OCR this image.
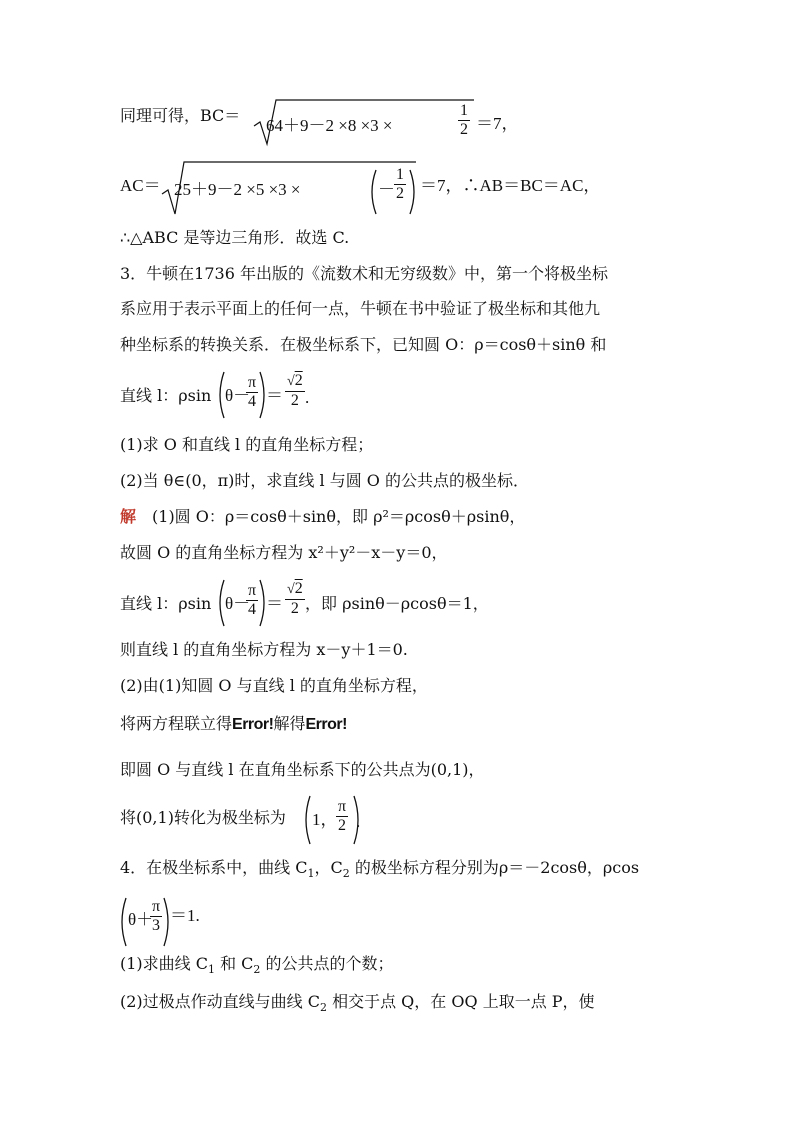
同理可得，BC＝
64＋9－2 ×8 ×3 ×	$\frac{1}{2} =7$，
AC＝ 25＋9－2 ×5 ×3 ×	－ $\frac{1}{2} =7$，∴AB＝BC＝AC，
∴△ABC 是等边三角形．故选 C.
3．牛顿在1736 年出版的《流数术和无穷级数》中，第一个将极坐标
系应用于表示平面上的任何一点，牛顿在书中验证了极坐标和其他九
种坐标系的转换关系．在极坐标系下，已知圆 O：ρ＝cosθ＋sinθ 和
直线 l：ρsin θ－
$\frac{\pi}{4} = \frac{√2}{2}$ .
(1)求 O 和直线 l 的直角坐标方程；
(2)当 θ∈(0，π)时，求直线 l 与圆 O 的公共点的极坐标．
解　(1)圆 O：ρ＝cosθ＋sinθ，即 ρ²＝ρcosθ＋ρsinθ，
故圆 O 的直角坐标方程为 x²＋y²－x－y＝0，
直线 l：ρsin θ－
$\frac{\pi}{4} = \frac{√2}{2}$ ，即 ρsinθ－ρcosθ＝1，
则直线 l 的直角坐标方程为 x－y＋1＝0.
(2)由(1)知圆 O 与直线 l 的直角坐标方程，
将两方程联立得Error!解得Error!
即圆 O 与直线 l 在直角坐标系下的公共点为(0,1)，
将(0,1)转化为极坐标为 1，
$\frac{\pi}{2}$ .
4．在极坐标系中，曲线 $C_1$，$C_2$ 的极坐标方程分别为ρ＝－2cosθ，ρcos
θ＋
$\frac{\pi}{3} =1$.
(1)求曲线 $C_1$ 和 $C_2$ 的公共点的个数；
(2)过极点作动直线与曲线 $C_2$ 相交于点 Q，在 OQ 上取一点 P，使
